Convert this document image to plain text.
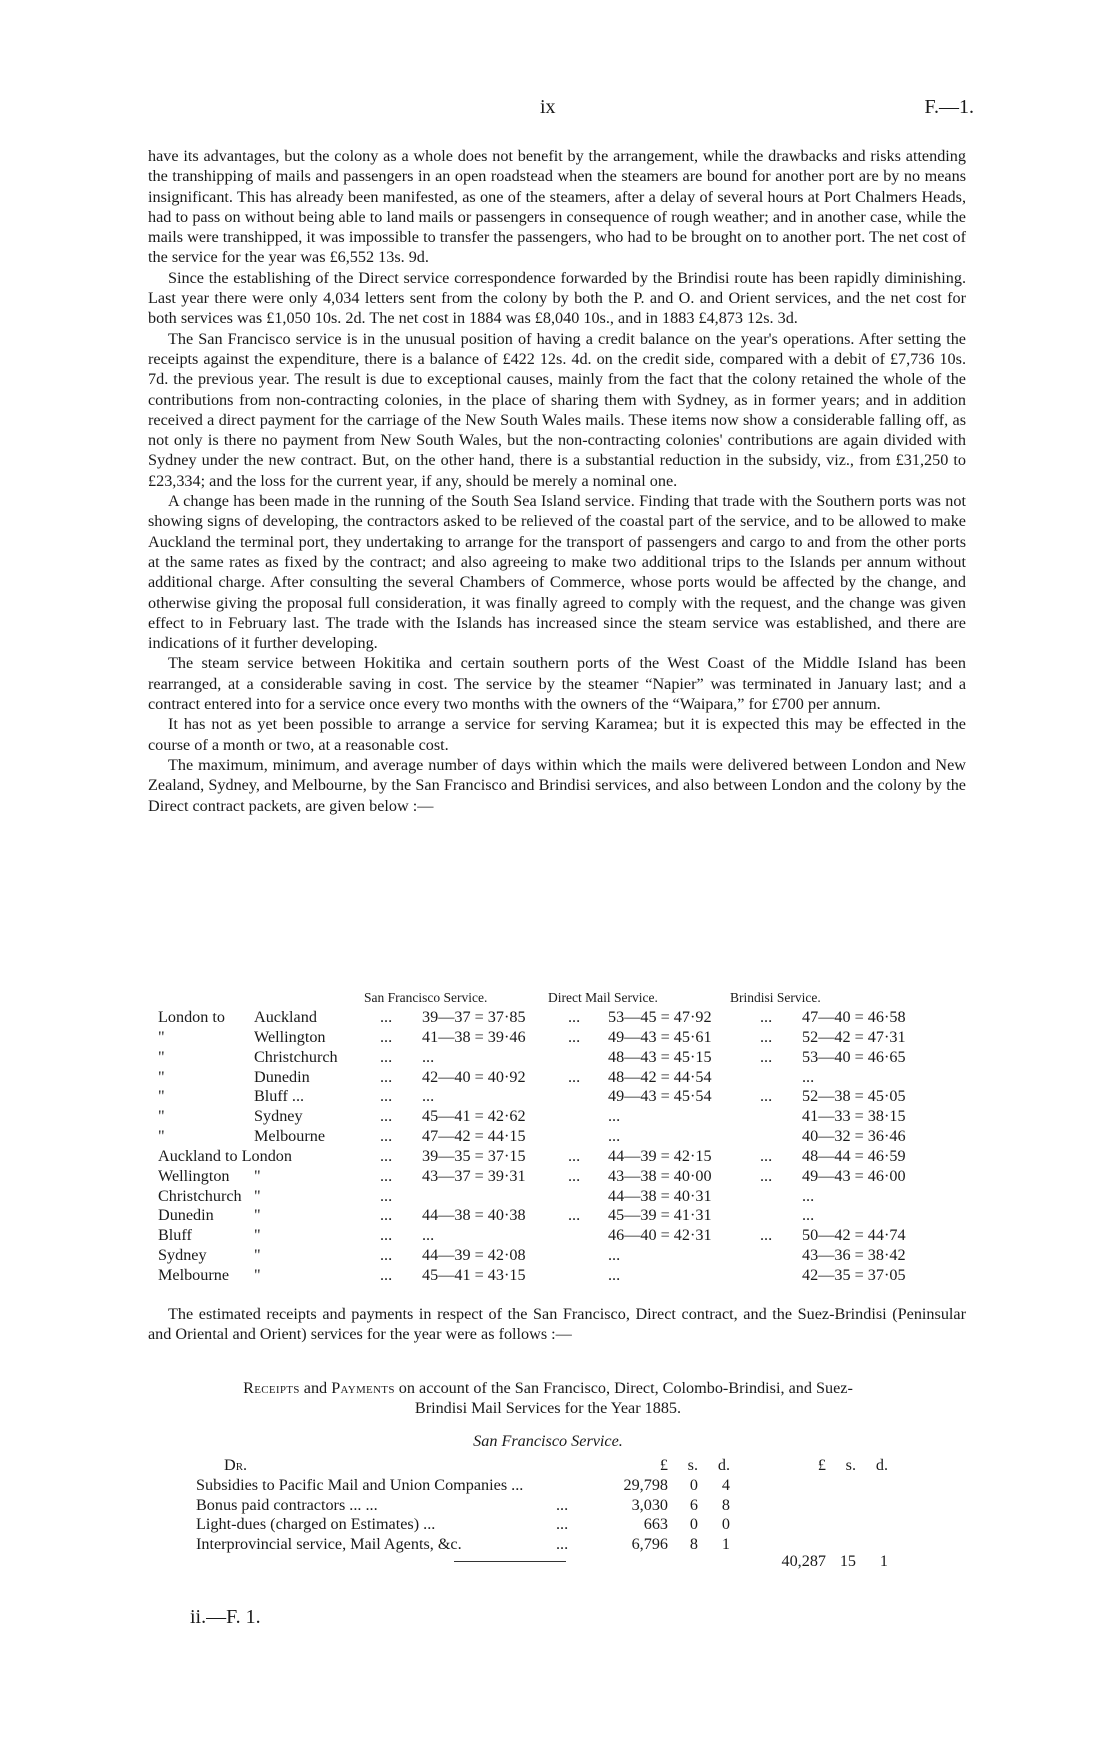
ix	F.—1.

have its advantages, but the colony as a whole does not benefit by the arrangement, while the drawbacks and risks attending the transhipping of mails and passengers in an open roadstead when the steamers are bound for another port are by no means insignificant. This has already been manifested, as one of the steamers, after a delay of several hours at Port Chalmers Heads, had to pass on without being able to land mails or passengers in consequence of rough weather; and in another case, while the mails were transhipped, it was impossible to transfer the passengers, who had to be brought on to another port. The net cost of the service for the year was £6,552 13s. 9d.

Since the establishing of the Direct service correspondence forwarded by the Brindisi route has been rapidly diminishing. Last year there were only 4,034 letters sent from the colony by both the P. and O. and Orient services, and the net cost for both services was £1,050 10s. 2d. The net cost in 1884 was £8,040 10s., and in 1883 £4,873 12s. 3d.

The San Francisco service is in the unusual position of having a credit balance on the year's operations. After setting the receipts against the expenditure, there is a balance of £422 12s. 4d. on the credit side, compared with a debit of £7,736 10s. 7d. the previous year. The result is due to exceptional causes, mainly from the fact that the colony retained the whole of the contributions from non-contracting colonies, in the place of sharing them with Sydney, as in former years; and in addition received a direct payment for the carriage of the New South Wales mails. These items now show a considerable falling off, as not only is there no payment from New South Wales, but the non-contracting colonies' contributions are again divided with Sydney under the new contract. But, on the other hand, there is a substantial reduction in the subsidy, viz., from £31,250 to £23,334; and the loss for the current year, if any, should be merely a nominal one.

A change has been made in the running of the South Sea Island service. Finding that trade with the Southern ports was not showing signs of developing, the contractors asked to be relieved of the coastal part of the service, and to be allowed to make Auckland the terminal port, they undertaking to arrange for the transport of passengers and cargo to and from the other ports at the same rates as fixed by the contract; and also agreeing to make two additional trips to the Islands per annum without additional charge. After consulting the several Chambers of Commerce, whose ports would be affected by the change, and otherwise giving the proposal full consideration, it was finally agreed to comply with the request, and the change was given effect to in February last. The trade with the Islands has increased since the steam service was established, and there are indications of it further developing.

The steam service between Hokitika and certain southern ports of the West Coast of the Middle Island has been rearranged, at a considerable saving in cost. The service by the steamer “Napier” was terminated in January last; and a contract entered into for a service once every two months with the owners of the “Waipara,” for £700 per annum.

It has not as yet been possible to arrange a service for serving Karamea; but it is expected this may be effected in the course of a month or two, at a reasonable cost.

The maximum, minimum, and average number of days within which the mails were delivered between London and New Zealand, Sydney, and Melbourne, by the San Francisco and Brindisi services, and also between London and the colony by the Direct contract packets, are given below :—

San Francisco Service.	Direct Mail Service.	Brindisi Service.
London to Auckland	... 39—37 = 37·85	... 53—45 = 47·92	... 47—40 = 46·58
"	Wellington	... 41—38 = 39·46	... 49—43 = 45·61	... 52—42 = 47·31
"	Christchurch	... ...	48—43 = 45·15	... 53—40 = 46·65
"	Dunedin	... 42—40 = 40·92	... 48—42 = 44·54	...
"	Bluff ...	... ...	49—43 = 45·54	... 52—38 = 45·05
"	Sydney	... 45—41 = 42·62	...	41—33 = 38·15
"	Melbourne	... 47—42 = 44·15	...	40—32 = 36·46
Auckland to London	... 39—35 = 37·15	... 44—39 = 42·15	... 48—44 = 46·59
Wellington "	... 43—37 = 39·31	... 43—38 = 40·00	... 49—43 = 46·00
Christchurch "	...	44—38 = 40·31	...
Dunedin "	... 44—38 = 40·38	... 45—39 = 41·31	...
Bluff	"	... ...	46—40 = 42·31	... 50—42 = 44·74
Sydney	"	... 44—39 = 42·08	...	43—36 = 38·42
Melbourne "	... 45—41 = 43·15	...	42—35 = 37·05

The estimated receipts and payments in respect of the San Francisco, Direct contract, and the Suez-Brindisi (Peninsular and Oriental and Orient) services for the year were as follows :—

Receipts and Payments on account of the San Francisco, Direct, Colombo-Brindisi, and Suez-
Brindisi Mail Services for the Year 1885.
San Francisco Service.
Dr.	£	s.	d.	£	s.	d.
Subsidies to Pacific Mail and Union Companies ...	29,798	0	4
Bonus paid contractors ... ...	...	3,030	6	8
Light-dues (charged on Estimates) ...	...	663	0	0
Interprovincial service, Mail Agents, &c.	...	6,796	8	1
40,287 15	1
ii.—F. 1.
